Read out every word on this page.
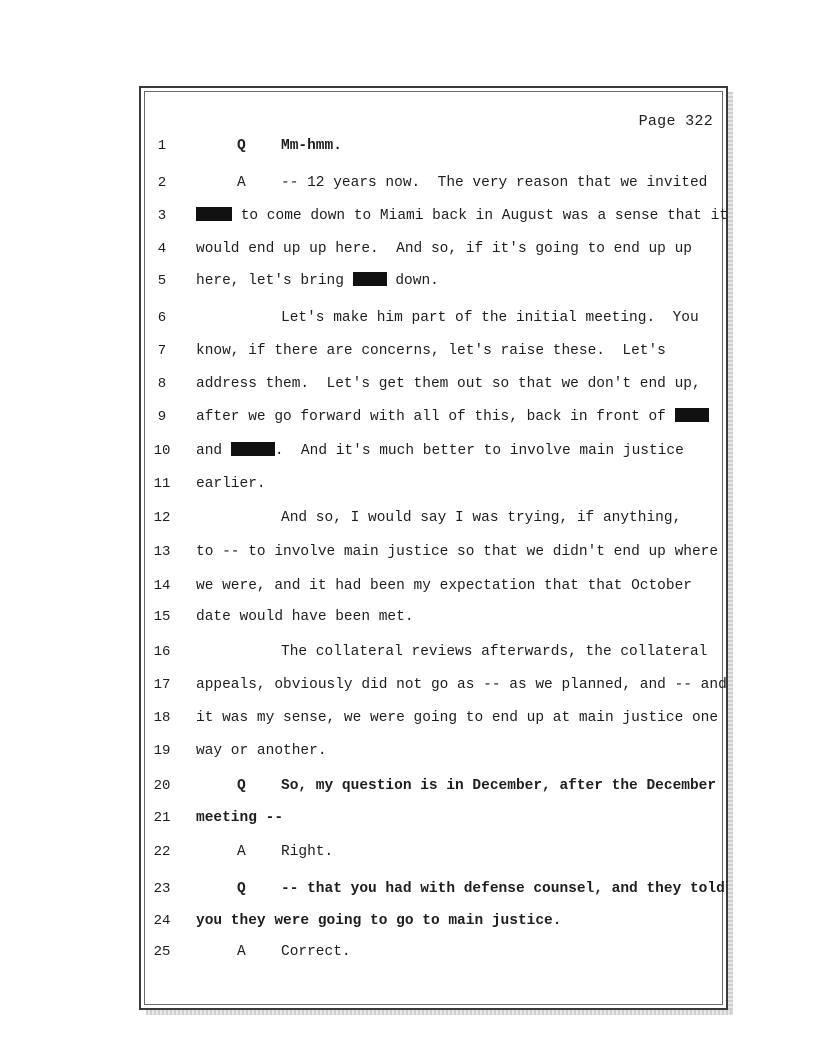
Page 322
1	Q Mm-hmm.
2	A -- 12 years now.  The very reason that we invited
3	to come down to Miami back in August was a sense that it
4	would end up up here.  And so, if it's going to end up up
5	here, let's bring  down.
6	Let's make him part of the initial meeting.  You
7	know, if there are concerns, let's raise these.  Let's
8	address them.  Let's get them out so that we don't end up,
9	after we go forward with all of this, back in front of
10 and	.  And it's much better to involve main justice
11 earlier.
12	And so, I would say I was trying, if anything,
13 to -- to involve main justice so that we didn't end up where
14 we were, and it had been my expectation that that October
15 date would have been met.
16	The collateral reviews afterwards, the collateral
17 appeals, obviously did not go as -- as we planned, and -- and
18 it was my sense, we were going to end up at main justice one
19 way or another.
20	Q So, my question is in December, after the December
21 meeting --
22	A Right.
23	Q -- that you had with defense counsel, and they told
24 you they were going to go to main justice.
25	A Correct.
